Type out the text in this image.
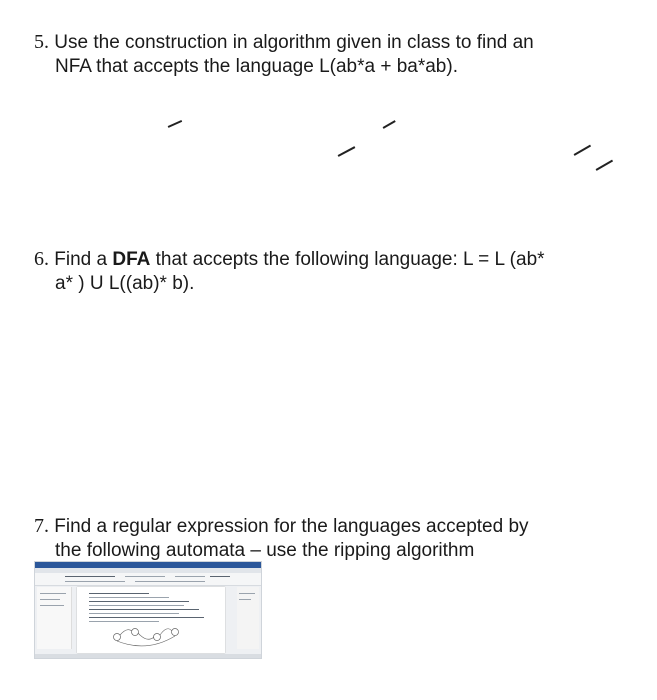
5. Use the construction in algorithm given in class to find an
NFA that accepts the language L(ab*a + ba*ab).
6. Find a DFA that accepts the following language: L = L (ab*
a* ) U L((ab)* b).
7. Find a regular expression for the languages accepted by
the following automata – use the ripping algorithm
